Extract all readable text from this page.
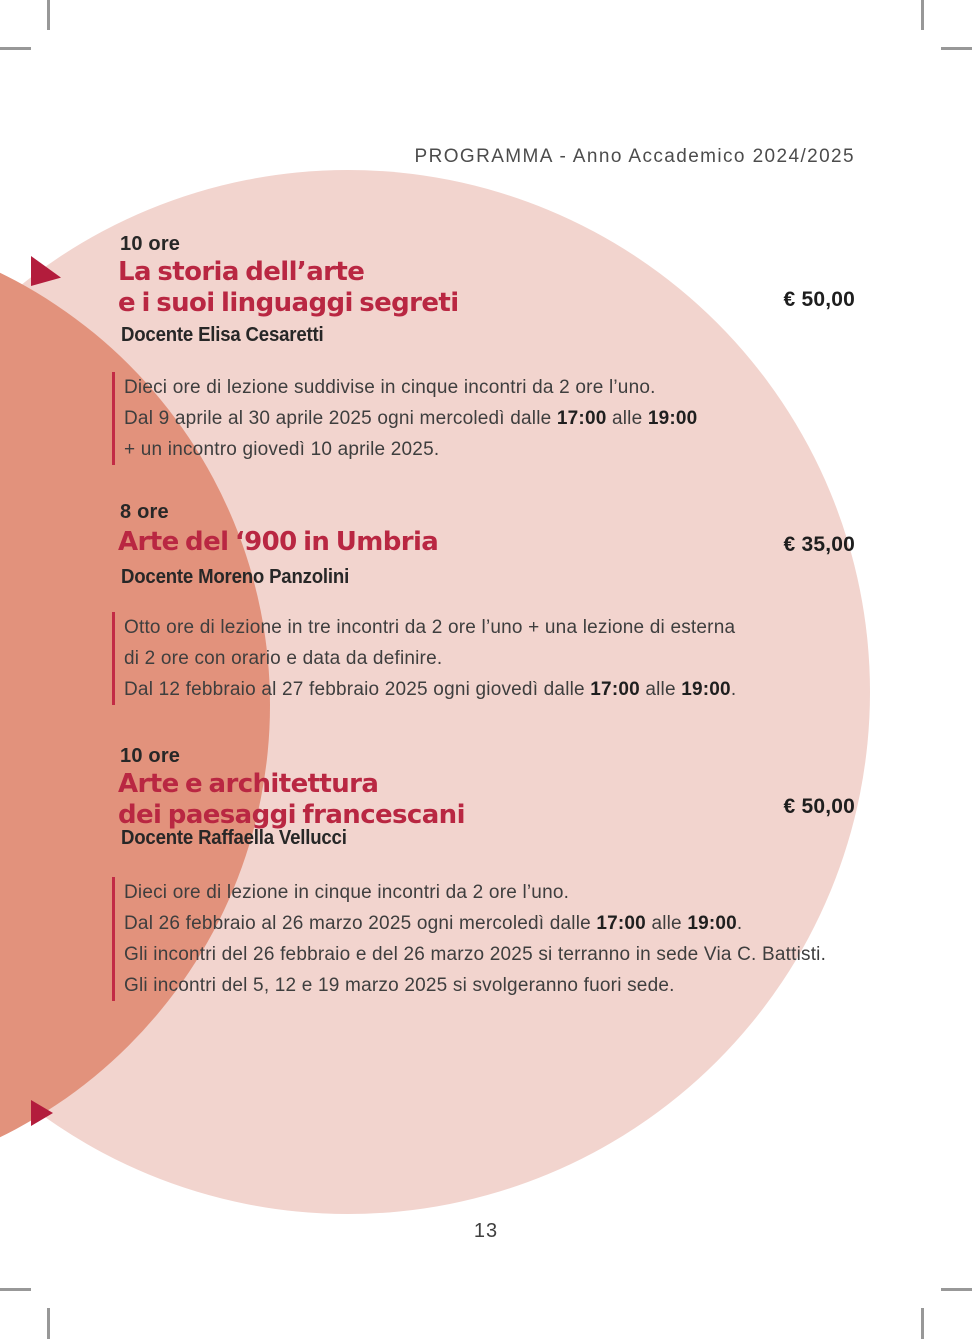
PROGRAMMA - Anno Accademico 2024/2025
10 ore
La storia dell’arte
e i suoi linguaggi segreti	€ 50,00
Docente Elisa Cesaretti
Dieci ore di lezione suddivise in cinque incontri da 2 ore l’uno.
Dal 9 aprile al 30 aprile 2025 ogni mercoledì dalle 17:00 alle 19:00
+ un incontro giovedì 10 aprile 2025.
8 ore
Arte del ‘900 in Umbria	€ 35,00
Docente Moreno Panzolini
Otto ore di lezione in tre incontri da 2 ore l’uno + una lezione di esterna
di 2 ore con orario e data da definire.
Dal 12 febbraio al 27 febbraio 2025 ogni giovedì dalle 17:00 alle 19:00.
10 ore
Arte e architettura
dei paesaggi francescani	€ 50,00
Docente Raffaella Vellucci
Dieci ore di lezione in cinque incontri da 2 ore l’uno.
Dal 26 febbraio al 26 marzo 2025 ogni mercoledì dalle 17:00 alle 19:00.
Gli incontri del 26 febbraio e del 26 marzo 2025 si terranno in sede Via C. Battisti.
Gli incontri del 5, 12 e 19 marzo 2025 si svolgeranno fuori sede.
13
